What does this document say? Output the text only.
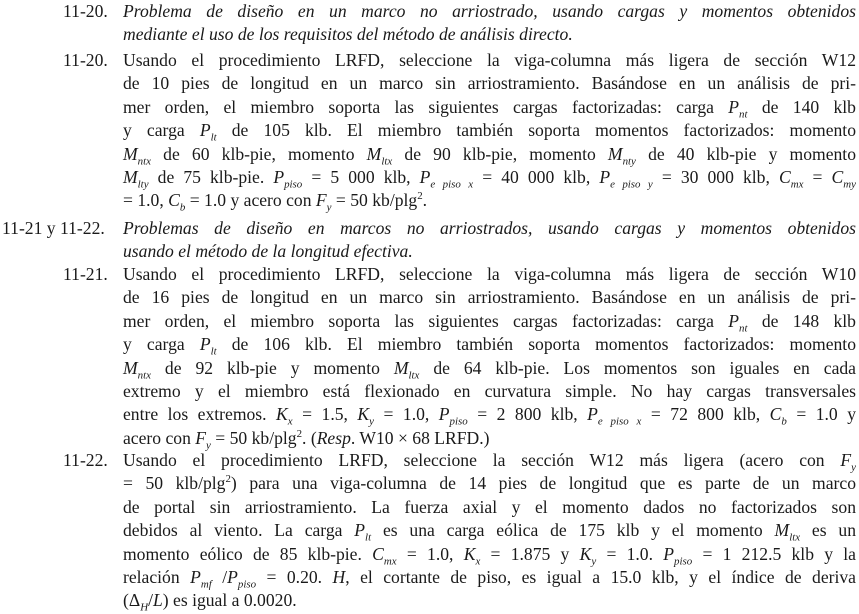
11-20. Problema de diseño en un marco no arriostrado, usando cargas y momentos obtenidos
mediante el uso de los requisitos del método de análisis directo.
11-20. Usando el procedimiento LRFD, seleccione la viga-columna más ligera de sección W12
de 10 pies de longitud en un marco sin arriostramiento. Basándose en un análisis de pri-
mer orden, el miembro soporta las siguientes cargas factorizadas: carga $P_{nt}$ de 140 klb
y carga $P_{lt}$ de 105 klb. El miembro también soporta momentos factorizados: momento
$M_{ntx}$ de 60 klb-pie, momento $M_{ltx}$ de 90 klb-pie, momento $M_{nty}$ de 40 klb-pie y momento
$M_{lty}$ de 75 klb-pie. $P_{piso} = 5$ 000 klb, $P_{e piso x} = 40$ 000 klb, $P_{e piso y} = 30$ 000 klb, $C_{mx} = C_{my}$
= 1.0, $C_b = 1.0$ y acero con $F_y = 50$ kb/plg$^2$.
11-21 y 11-22. Problemas de diseño en marcos no arriostrados, usando cargas y momentos obtenidos
usando el método de la longitud efectiva.
11-21. Usando el procedimiento LRFD, seleccione la viga-columna más ligera de sección W10
de 16 pies de longitud en un marco sin arriostramiento. Basándose en un análisis de pri-
mer orden, el miembro soporta las siguientes cargas factorizadas: carga $P_{nt}$ de 148 klb
y carga $P_{lt}$ de 106 klb. El miembro también soporta momentos factorizados: momento
$M_{ntx}$ de 92 klb-pie y momento $M_{ltx}$ de 64 klb-pie. Los momentos son iguales en cada
extremo y el miembro está flexionado en curvatura simple. No hay cargas transversales
entre los extremos. $K_x = 1.5$, $K_y = 1.0$, $P_{piso} = 2$ 800 klb, $P_{e piso x} = 72$ 800 klb, $C_b = 1.0$ y
acero con $F_y = 50$ kb/plg$^2$. (Resp. W10 × 68 LRFD.)
11-22. Usando el procedimiento LRFD, seleccione la sección W12 más ligera (acero con $F_y$
= 50 klb/plg$^2$) para una viga-columna de 14 pies de longitud que es parte de un marco
de portal sin arriostramiento. La fuerza axial y el momento dados no factorizados son
debidos al viento. La carga $P_{lt}$ es una carga eólica de 175 klb y el momento $M_{ltx}$ es un
momento eólico de 85 klb-pie. $C_{mx} = 1.0$, $K_x = 1.875$ y $K_y = 1.0$. $P_{piso} = 1$ 212.5 klb y la
relación $P_{mf}$ $/P_{piso} = 0.20$. H, el cortante de piso, es igual a 15.0 klb, y el índice de deriva
$(\Delta_H/L)$ es igual a 0.0020.
